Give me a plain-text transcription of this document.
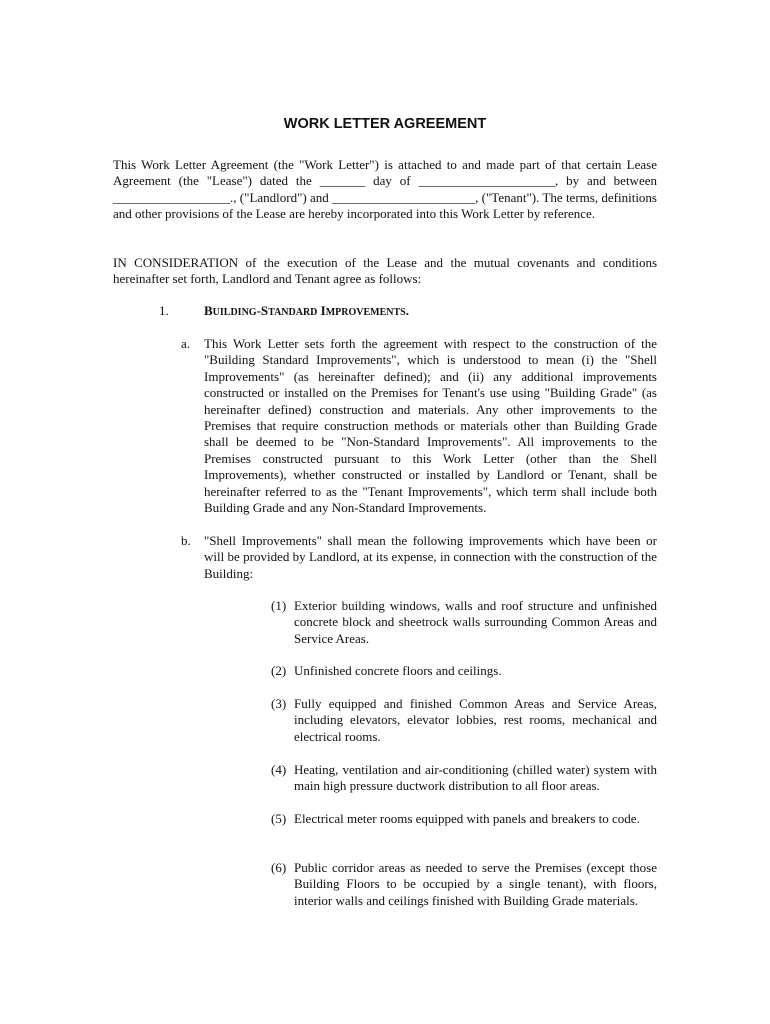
WORK LETTER AGREEMENT
This Work Letter Agreement (the "Work Letter") is attached to and made part of that certain Lease Agreement (the "Lease") dated the _______ day of _____________________, by and between __________________., ("Landlord") and ______________________, ("Tenant"). The terms, definitions and other provisions of the Lease are hereby incorporated into this Work Letter by reference.
IN CONSIDERATION of the execution of the Lease and the mutual covenants and conditions hereinafter set forth, Landlord and Tenant agree as follows:
1.	BUILDING-STANDARD IMPROVEMENTS.
a. This Work Letter sets forth the agreement with respect to the construction of the "Building Standard Improvements", which is understood to mean (i) the "Shell Improvements" (as hereinafter defined); and (ii) any additional improvements constructed or installed on the Premises for Tenant's use using "Building Grade" (as hereinafter defined) construction and materials. Any other improvements to the Premises that require construction methods or materials other than Building Grade shall be deemed to be "Non-Standard Improvements". All improvements to the Premises constructed pursuant to this Work Letter (other than the Shell Improvements), whether constructed or installed by Landlord or Tenant, shall be hereinafter referred to as the "Tenant Improvements", which term shall include both Building Grade and any Non-Standard Improvements.
b. "Shell Improvements" shall mean the following improvements which have been or will be provided by Landlord, at its expense, in connection with the construction of the Building:
(1) Exterior building windows, walls and roof structure and unfinished concrete block and sheetrock walls surrounding Common Areas and Service Areas.
(2) Unfinished concrete floors and ceilings.
(3) Fully equipped and finished Common Areas and Service Areas, including elevators, elevator lobbies, rest rooms, mechanical and electrical rooms.
(4) Heating, ventilation and air-conditioning (chilled water) system with main high pressure ductwork distribution to all floor areas.
(5) Electrical meter rooms equipped with panels and breakers to code.
(6) Public corridor areas as needed to serve the Premises (except those Building Floors to be occupied by a single tenant), with floors, interior walls and ceilings finished with Building Grade materials.
